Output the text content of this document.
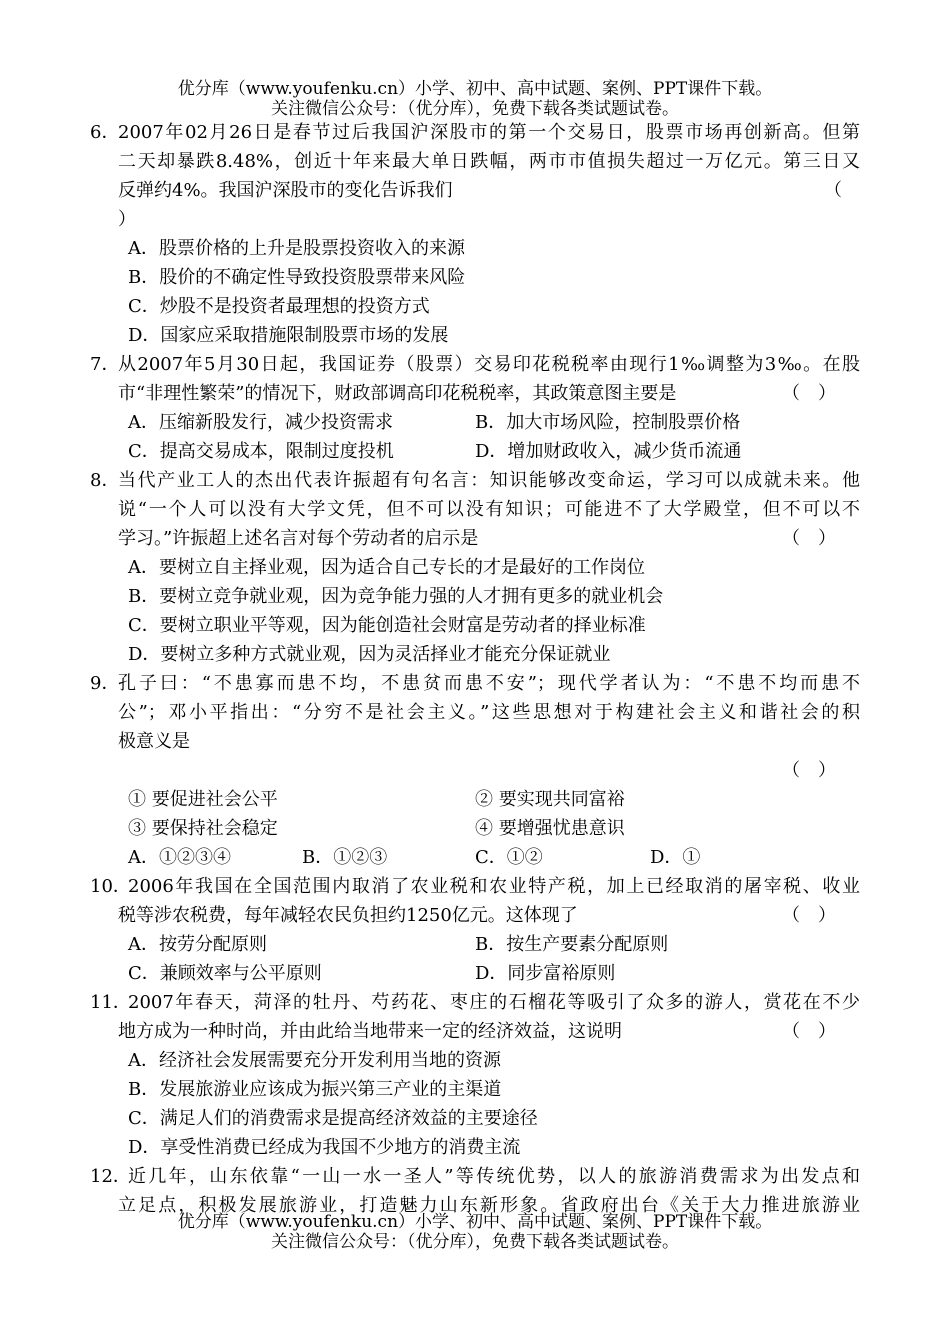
优分库（www.youfenku.cn）小学、初中、高中试题、案例、PPT课件下载。
关注微信公众号：（优分库），免费下载各类试题试卷。
6．
2007年02月26日是春节过后我国沪深股市的第一个交易日，股票市场再创新高。但第
二天却暴跌8.48%，创近十年来最大单日跌幅，两市市值损失超过一万亿元。第三日又
反弹约4%。我国沪深股市的变化告诉我们	（
）
A．股票价格的上升是股票投资收入的来源
B．股价的不确定性导致投资股票带来风险
C．炒股不是投资者最理想的投资方式
D．国家应采取措施限制股票市场的发展
7．
从2007年5月30日起，我国证券（股票）交易印花税税率由现行1‰调整为3‰。在股
市“非理性繁荣”的情况下，财政部调高印花税税率，其政策意图主要是	（　）
A．压缩新股发行，减少投资需求	B．加大市场风险，控制股票价格
C．提高交易成本，限制过度投机	D．增加财政收入，减少货币流通
8．
当代产业工人的杰出代表许振超有句名言：知识能够改变命运，学习可以成就未来。他
说“一个人可以没有大学文凭，但不可以没有知识；可能进不了大学殿堂，但不可以不
学习。”许振超上述名言对每个劳动者的启示是	（　）
A．要树立自主择业观，因为适合自己专长的才是最好的工作岗位
B．要树立竞争就业观，因为竞争能力强的人才拥有更多的就业机会
C．要树立职业平等观，因为能创造社会财富是劳动者的择业标准
D．要树立多种方式就业观，因为灵活择业才能充分保证就业
9．
孔子曰：“不患寡而患不均，不患贫而患不安”；现代学者认为：“不患不均而患不
公”；邓小平指出：“分穷不是社会主义。”这些思想对于构建社会主义和谐社会的积
极意义是
（　）
① 要促进社会公平	② 要实现共同富裕
③ 要保持社会稳定	④ 要增强忧患意识
A．①②③④	B．①②③	C．①②	D．①
10．
2006年我国在全国范围内取消了农业税和农业特产税，加上已经取消的屠宰税、收业
税等涉农税费，每年减轻农民负担约1250亿元。这体现了	（　）
A．按劳分配原则	B．按生产要素分配原则
C．兼顾效率与公平原则	D．同步富裕原则
11．
2007年春天，菏泽的牡丹、芍药花、枣庄的石榴花等吸引了众多的游人，赏花在不少
地方成为一种时尚，并由此给当地带来一定的经济效益，这说明	（　）
A．经济社会发展需要充分开发利用当地的资源
B．发展旅游业应该成为振兴第三产业的主渠道
C．满足人们的消费需求是提高经济效益的主要途径
D．享受性消费已经成为我国不少地方的消费主流
12．
近几年，山东依靠“一山一水一圣人”等传统优势，以人的旅游消费需求为出发点和
立足点，积极发展旅游业，打造魅力山东新形象。省政府出台《关于大力推进旅游业
优分库（www.youfenku.cn）小学、初中、高中试题、案例、PPT课件下载。
关注微信公众号：（优分库），免费下载各类试题试卷。
